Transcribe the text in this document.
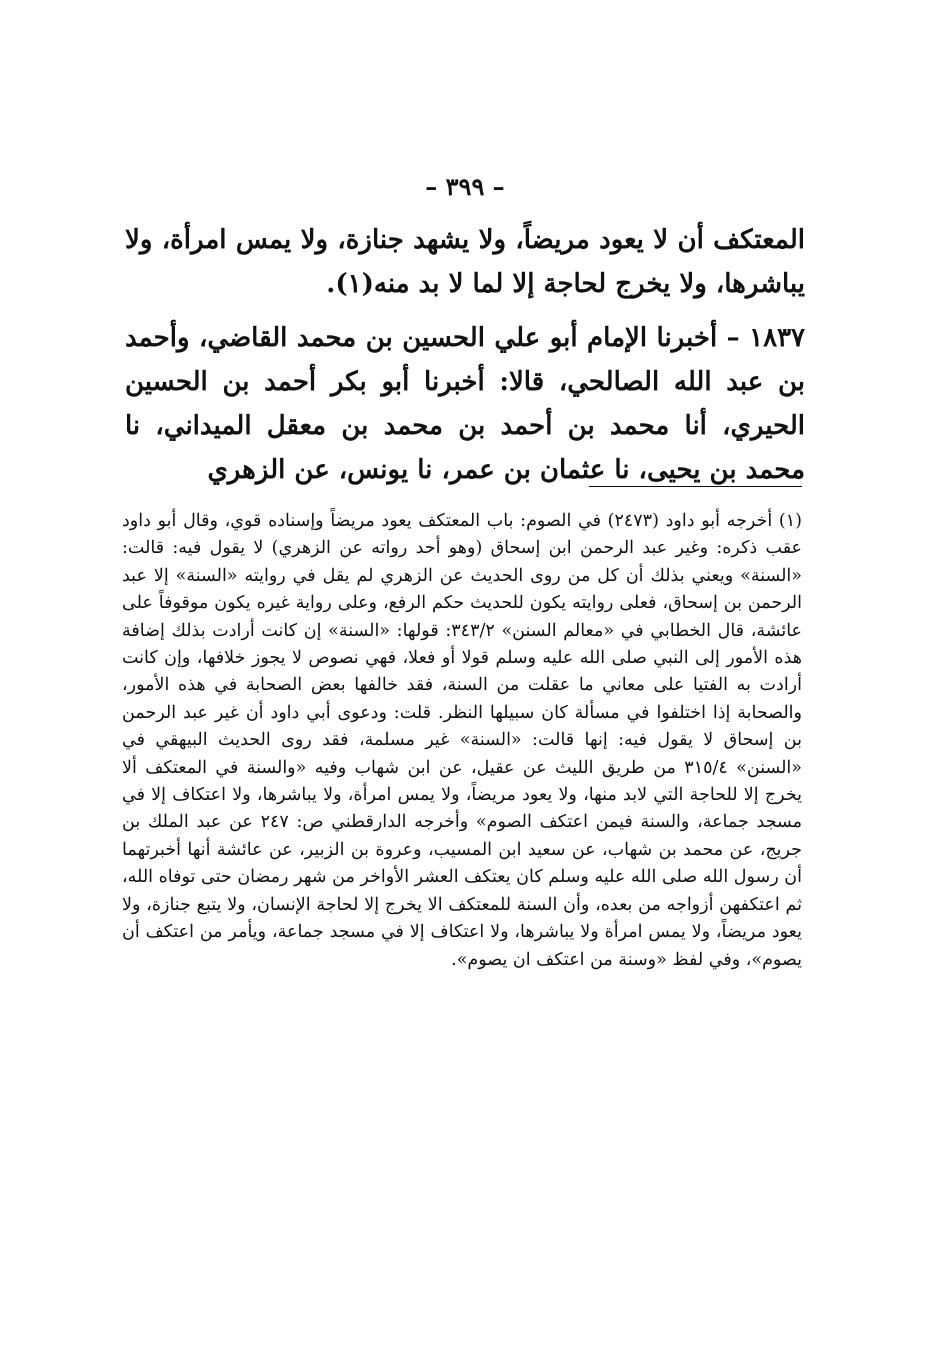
– ٣٩٩ –

المعتكف أن لا يعود مريضاً، ولا يشهد جنازة، ولا يمس امرأة، ولا يباشرها، ولا يخرج لحاجة إلا لما لا بد منه(١).

١٨٣٧ – أخبرنا الإمام أبو علي الحسين بن محمد القاضي، وأحمد بن عبد الله الصالحي، قالا: أخبرنا أبو بكر أحمد بن الحسين الحيري، أنا محمد بن أحمد بن محمد بن معقل الميداني، نا محمد بن يحيى، نا عثمان بن عمر، نا يونس، عن الزهري

(١) أخرجه أبو داود (٢٤٧٣) في الصوم: باب المعتكف يعود مريضاً وإسناده قوي، وقال أبو داود عقب ذكره: وغير عبد الرحمن ابن إسحاق (وهو أحد رواته عن الزهري) لا يقول فيه: قالت: «السنة» ويعني بذلك أن كل من روى الحديث عن الزهري لم يقل في روايته «السنة» إلا عبد الرحمن بن إسحاق، فعلى روايته يكون للحديث حكم الرفع، وعلى رواية غيره يكون موقوفاً على عائشة، قال الخطابي في «معالم السنن» ٣٤٣/٢: قولها: «السنة» إن كانت أرادت بذلك إضافة هذه الأمور إلى النبي صلى الله عليه وسلم قولا أو فعلا، فهي نصوص لا يجوز خلافها، وإن كانت أرادت به الفتيا على معاني ما عقلت من السنة، فقد خالفها بعض الصحابة في هذه الأمور، والصحابة إذا اختلفوا في مسألة كان سبيلها النظر. قلت: ودعوى أبي داود أن غير عبد الرحمن بن إسحاق لا يقول فيه: إنها قالت: «السنة» غير مسلمة، فقد روى الحديث البيهقي في «السنن» ٣١٥/٤ من طريق الليث عن عقيل، عن ابن شهاب وفيه «والسنة في المعتكف ألا يخرج إلا للحاجة التي لابد منها، ولا يعود مريضاً، ولا يمس امرأة، ولا يباشرها، ولا اعتكاف إلا في مسجد جماعة، والسنة فيمن اعتكف الصوم» وأخرجه الدارقطني ص: ٢٤٧ عن عبد الملك بن جريج، عن محمد بن شهاب، عن سعيد ابن المسيب، وعروة بن الزبير، عن عائشة أنها أخبرتهما أن رسول الله صلى الله عليه وسلم كان يعتكف العشر الأواخر من شهر رمضان حتى توفاه الله، ثم اعتكفهن أزواجه من بعده، وأن السنة للمعتكف الا يخرج إلا لحاجة الإنسان، ولا يتبع جنازة، ولا يعود مريضاً، ولا يمس امرأة ولا يباشرها، ولا اعتكاف إلا في مسجد جماعة، ويأمر من اعتكف أن يصوم»، وفي لفظ «وسنة من اعتكف ان يصوم».
